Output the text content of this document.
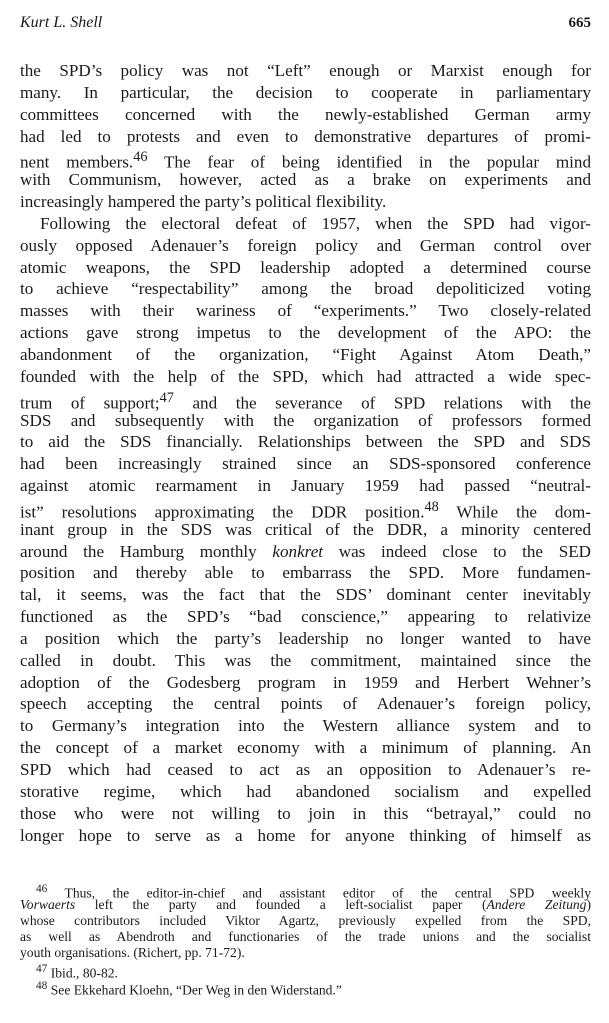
Kurt L. Shell	665
the SPD’s policy was not “Left” enough or Marxist enough for
many. In particular, the decision to cooperate in parliamentary
committees concerned with the newly-established German army
had led to protests and even to demonstrative departures of promi-
nent members.$^{46}$ The fear of being identified in the popular mind
with Communism, however, acted as a brake on experiments and
increasingly hampered the party’s political flexibility.
Following the electoral defeat of 1957, when the SPD had vigor-
ously opposed Adenauer’s foreign policy and German control over
atomic weapons, the SPD leadership adopted a determined course
to achieve “respectability” among the broad depoliticized voting
masses with their wariness of “experiments.” Two closely-related
actions gave strong impetus to the development of the APO: the
abandonment of the organization, “Fight Against Atom Death,”
founded with the help of the SPD, which had attracted a wide spec-
trum of support;$^{47}$ and the severance of SPD relations with the
SDS and subsequently with the organization of professors formed
to aid the SDS financially. Relationships between the SPD and SDS
had been increasingly strained since an SDS-sponsored conference
against atomic rearmament in January 1959 had passed “neutral-
ist” resolutions approximating the DDR position.$^{48}$ While the dom-
inant group in the SDS was critical of the DDR, a minority centered
around the Hamburg monthly konkret was indeed close to the SED
position and thereby able to embarrass the SPD. More fundamen-
tal, it seems, was the fact that the SDS’ dominant center inevitably
functioned as the SPD’s “bad conscience,” appearing to relativize
a position which the party’s leadership no longer wanted to have
called in doubt. This was the commitment, maintained since the
adoption of the Godesberg program in 1959 and Herbert Wehner’s
speech accepting the central points of Adenauer’s foreign policy,
to Germany’s integration into the Western alliance system and to
the concept of a market economy with a minimum of planning. An
SPD which had ceased to act as an opposition to Adenauer’s re-
storative regime, which had abandoned socialism and expelled
those who were not willing to join in this “betrayal,” could no
longer hope to serve as a home for anyone thinking of himself as
$^{46}$ Thus, the editor-in-chief and assistant editor of the central SPD weekly
Vorwaerts left the party and founded a left-socialist paper (Andere Zeitung)
whose contributors included Viktor Agartz, previously expelled from the SPD,
as well as Abendroth and functionaries of the trade unions and the socialist
youth organisations. (Richert, pp. 71-72).
$^{47}$ Ibid., 80-82.
$^{48}$ See Ekkehard Kloehn, “Der Weg in den Widerstand.”
